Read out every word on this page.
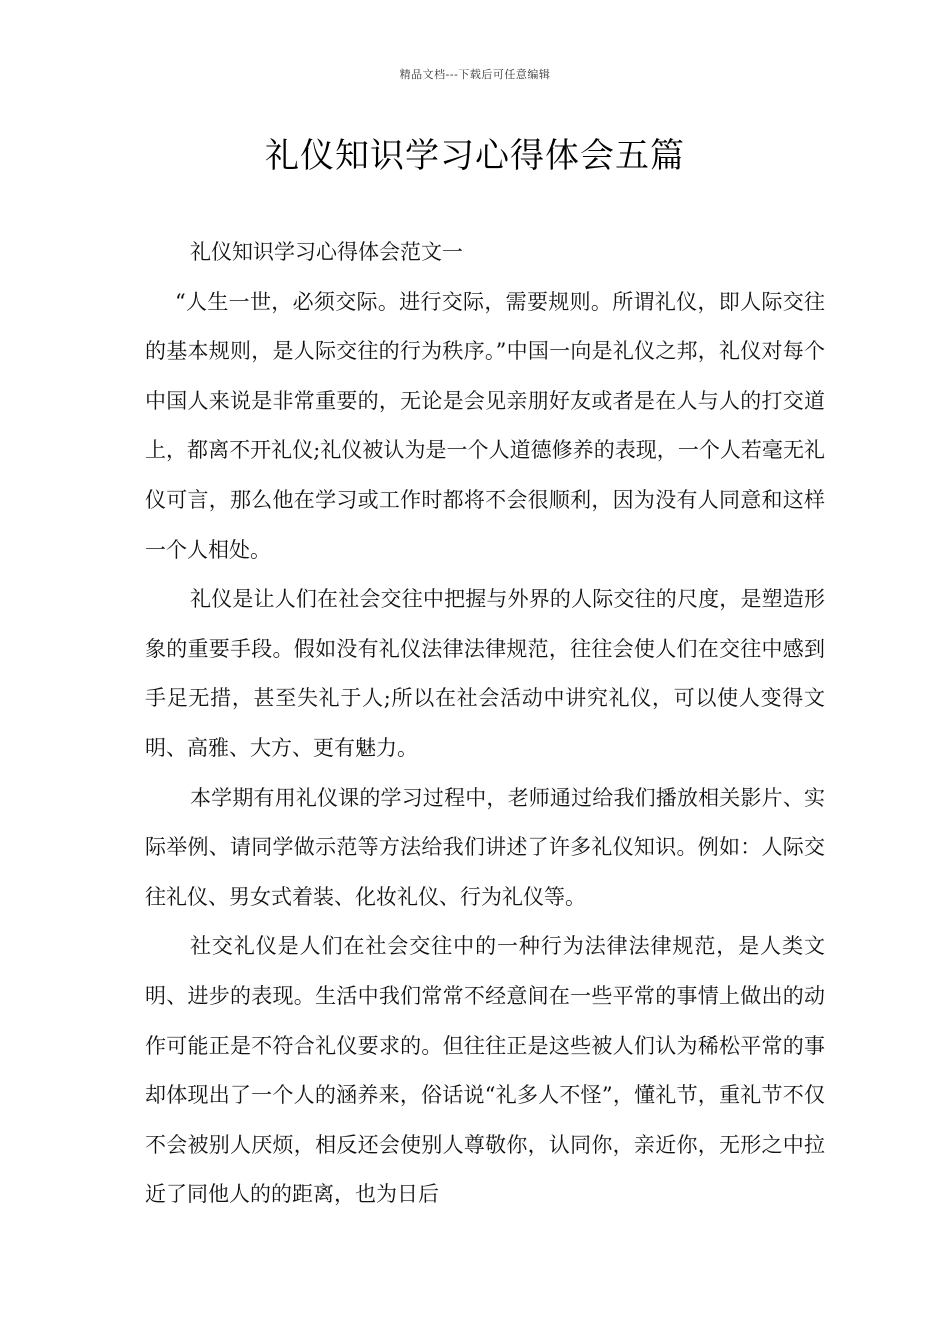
精品文档---下载后可任意编辑
礼仪知识学习心得体会五篇

礼仪知识学习心得体会范文一

“人生一世，必须交际。进行交际，需要规则。所谓礼仪，即人际交往的基本规则，是人际交往的行为秩序。”中国一向是礼仪之邦，礼仪对每个中国人来说是非常重要的，无论是会见亲朋好友或者是在人与人的打交道上，都离不开礼仪;礼仪被认为是一个人道德修养的表现，一个人若毫无礼仪可言，那么他在学习或工作时都将不会很顺利，因为没有人同意和这样一个人相处。

礼仪是让人们在社会交往中把握与外界的人际交往的尺度，是塑造形象的重要手段。假如没有礼仪法律法律规范，往往会使人们在交往中感到手足无措，甚至失礼于人;所以在社会活动中讲究礼仪，可以使人变得文明、高雅、大方、更有魅力。

本学期有用礼仪课的学习过程中，老师通过给我们播放相关影片、实际举例、请同学做示范等方法给我们讲述了许多礼仪知识。例如：人际交往礼仪、男女式着装、化妆礼仪、行为礼仪等。

社交礼仪是人们在社会交往中的一种行为法律法律规范，是人类文明、进步的表现。生活中我们常常不经意间在一些平常的事情上做出的动作可能正是不符合礼仪要求的。但往往正是这些被人们认为稀松平常的事却体现出了一个人的涵养来，俗话说“礼多人不怪”，懂礼节，重礼节不仅不会被别人厌烦，相反还会使别人尊敬你，认同你，亲近你，无形之中拉近了同他人的的距离，也为日后
